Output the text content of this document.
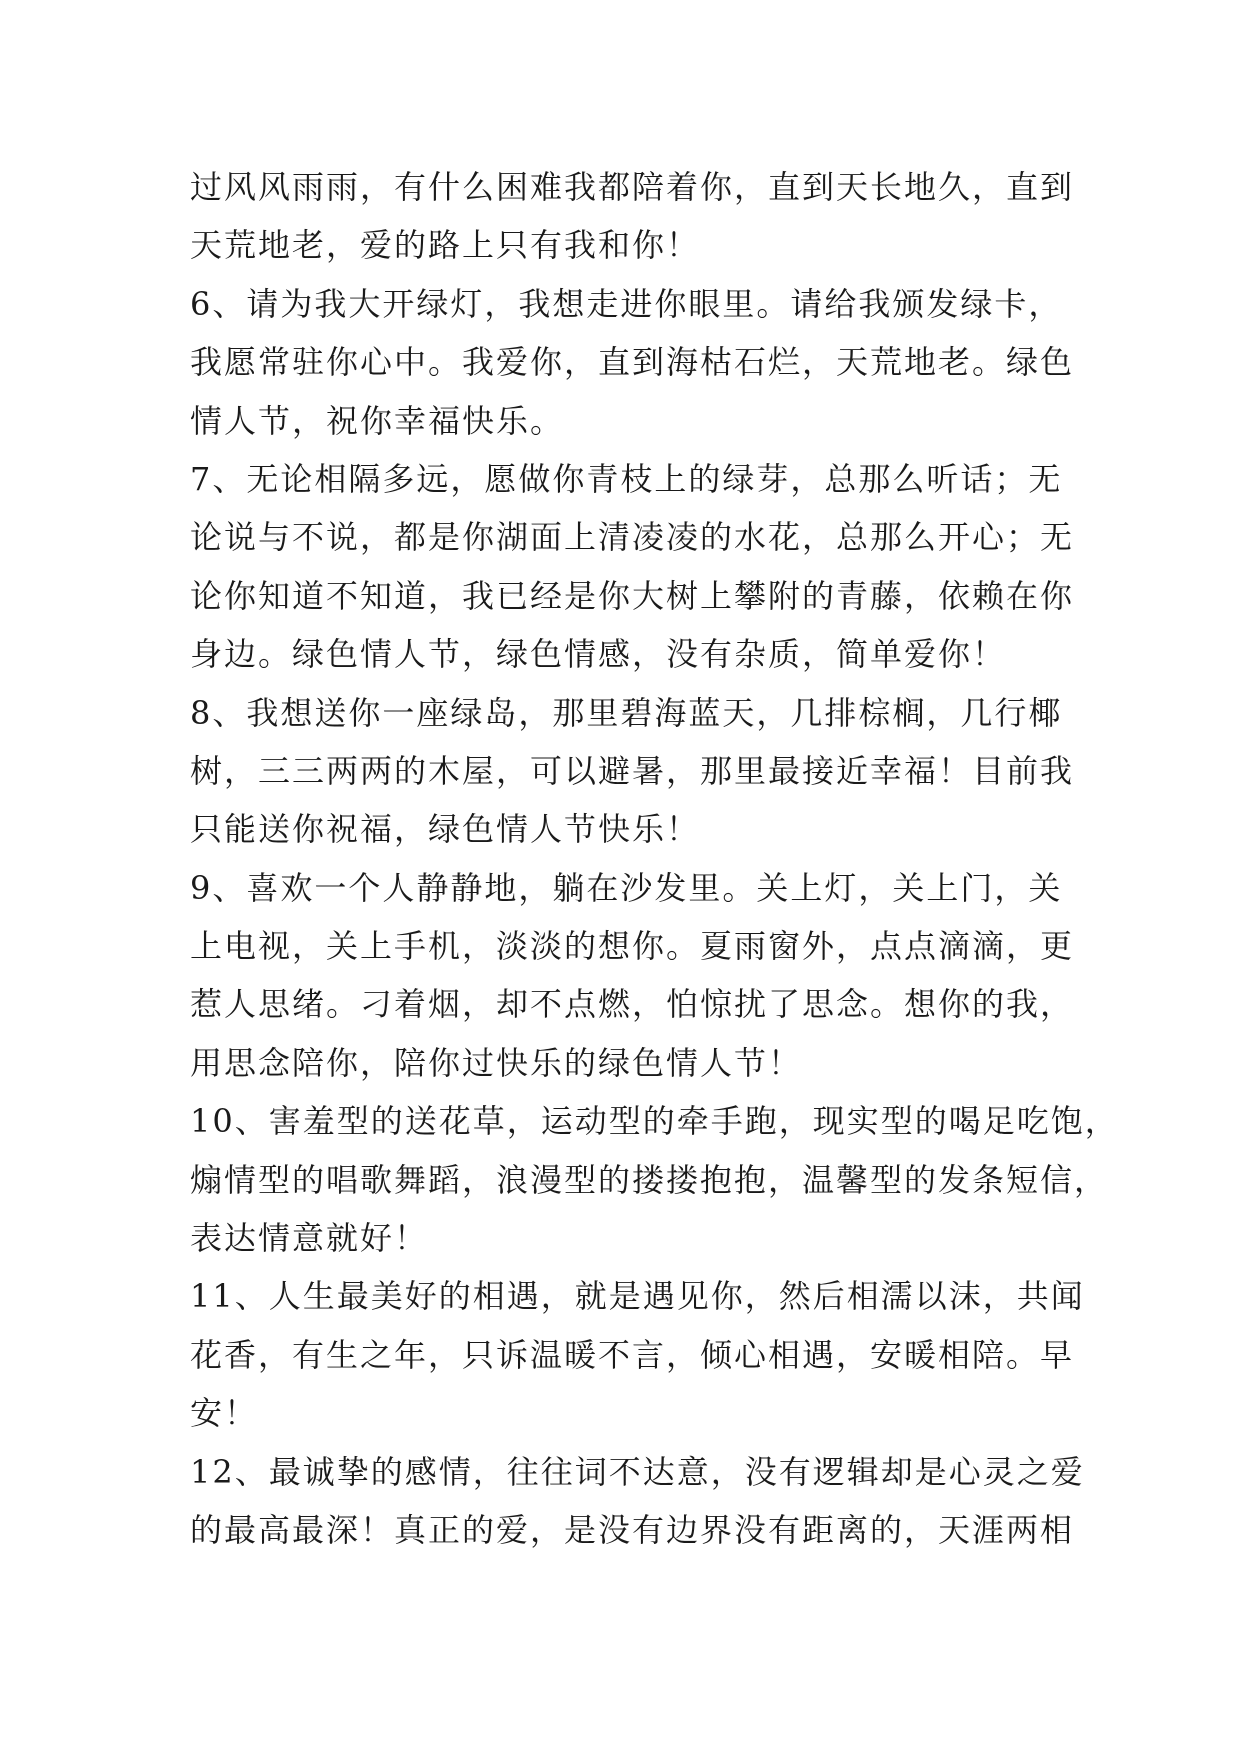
过风风雨雨，有什么困难我都陪着你，直到天长地久，直到
天荒地老，爱的路上只有我和你！
6、请为我大开绿灯，我想走进你眼里。请给我颁发绿卡，
我愿常驻你心中。我爱你，直到海枯石烂，天荒地老。绿色
情人节，祝你幸福快乐。
7、无论相隔多远，愿做你青枝上的绿芽，总那么听话；无
论说与不说，都是你湖面上清凌凌的水花，总那么开心；无
论你知道不知道，我已经是你大树上攀附的青藤，依赖在你
身边。绿色情人节，绿色情感，没有杂质，简单爱你！
8、我想送你一座绿岛，那里碧海蓝天，几排棕榈，几行椰
树，三三两两的木屋，可以避暑，那里最接近幸福！目前我
只能送你祝福，绿色情人节快乐！
9、喜欢一个人静静地，躺在沙发里。关上灯，关上门，关
上电视，关上手机，淡淡的想你。夏雨窗外，点点滴滴，更
惹人思绪。刁着烟，却不点燃，怕惊扰了思念。想你的我，
用思念陪你，陪你过快乐的绿色情人节！
10、害羞型的送花草，运动型的牵手跑，现实型的喝足吃饱，
煽情型的唱歌舞蹈，浪漫型的搂搂抱抱，温馨型的发条短信，
表达情意就好！
11、人生最美好的相遇，就是遇见你，然后相濡以沫，共闻
花香，有生之年，只诉温暖不言，倾心相遇，安暖相陪。早
安！
12、最诚挚的感情，往往词不达意，没有逻辑却是心灵之爱
的最高最深！真正的爱，是没有边界没有距离的，天涯两相
